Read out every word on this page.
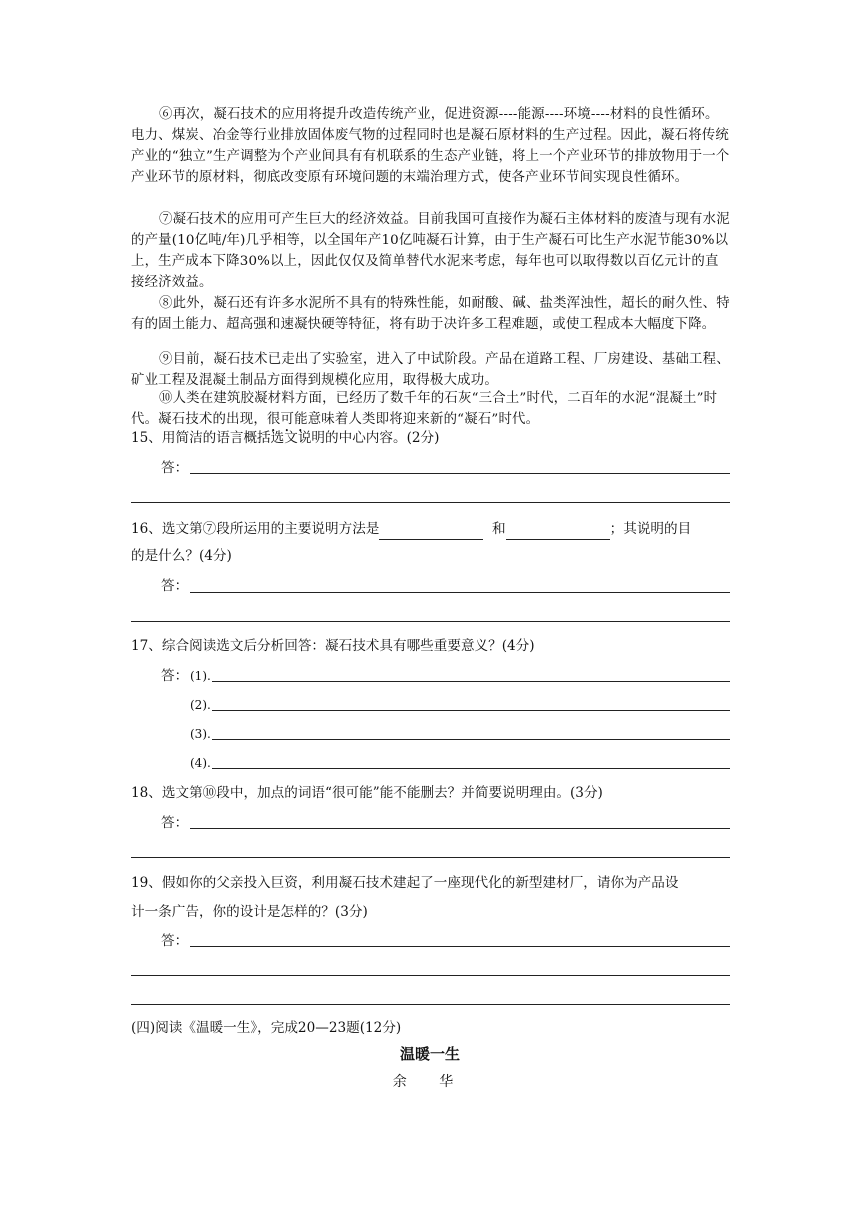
⑥再次，凝石技术的应用将提升改造传统产业，促进资源----能源----环境----材料的良性循环。电力、煤炭、冶金等行业排放固体废气物的过程同时也是凝石原材料的生产过程。因此，凝石将传统产业的“独立”生产调整为个产业间具有有机联系的生态产业链，将上一个产业环节的排放物用于一个产业环节的原材料，彻底改变原有环境问题的末端治理方式，使各产业环节间实现良性循环。

⑦凝石技术的应用可产生巨大的经济效益。目前我国可直接作为凝石主体材料的废渣与现有水泥的产量(10亿吨/年)几乎相等，以全国年产10亿吨凝石计算，由于生产凝石可比生产水泥节能30%以上，生产成本下降30%以上，因此仅仅及简单替代水泥来考虑，每年也可以取得数以百亿元计的直接经济效益。

⑧此外，凝石还有许多水泥所不具有的特殊性能，如耐酸、碱、盐类浑浊性，超长的耐久性、特有的固土能力、超高强和速凝快硬等特征，将有助于决许多工程难题，或使工程成本大幅度下降。

⑨目前，凝石技术已走出了实验室，进入了中试阶段。产品在道路工程、厂房建设、基础工程、矿业工程及混凝土制品方面得到规模化应用，取得极大成功。

⑩人类在建筑胶凝材料方面，已经历了数千年的石灰“三合土”时代，二百年的水泥“混凝土”时代。凝石技术的出现，很可能意味着人类即将迎来新的“凝石”时代。

15、用简洁的语言概括选文说明的中心内容。(2分)

答：

16、选文第⑦段所运用的主要说明方法是	和	；其说明的目

的是什么？(4分)

答：

17、综合阅读选文后分析回答：凝石技术具有哪些重要意义？(4分)

答： (1).
(2).
(3).
(4).

18、选文第⑩段中，加点的词语“很可能”能不能删去？并简要说明理由。(3分)

答：

19、假如你的父亲投入巨资，利用凝石技术建起了一座现代化的新型建材厂，请你为产品设

计一条广告，你的设计是怎样的？(3分)

答：

(四)阅读《温暖一生》，完成20—23题(12分)

温暖一生
余 华
